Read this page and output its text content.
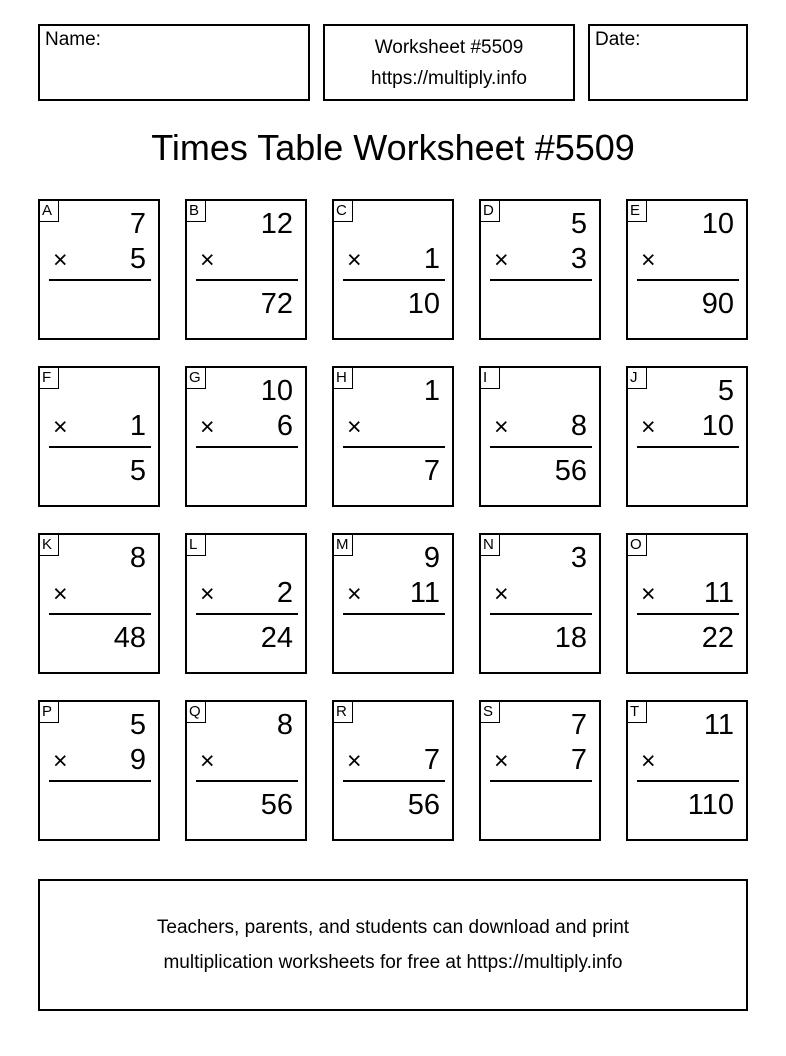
Name:	Worksheet #5509
https://multiply.info
Date:
Times Table Worksheet #5509
A	7
× 5
B 12
×
72
C
× 1
10
D	5
× 3
E 10
×
90
F
× 1
5
G 10
× 6
H	1
×
7
I
× 8
56
J	5
× 10
K	8
×
48
L
× 2
24
M	9
× 11
N	3
×
18
O
× 11
22
P	5
× 9
Q	8
×
56
R
× 7
56
S	7
× 7
T 11
×
110
Teachers, parents, and students can download and print
multiplication worksheets for free at https://multiply.info
